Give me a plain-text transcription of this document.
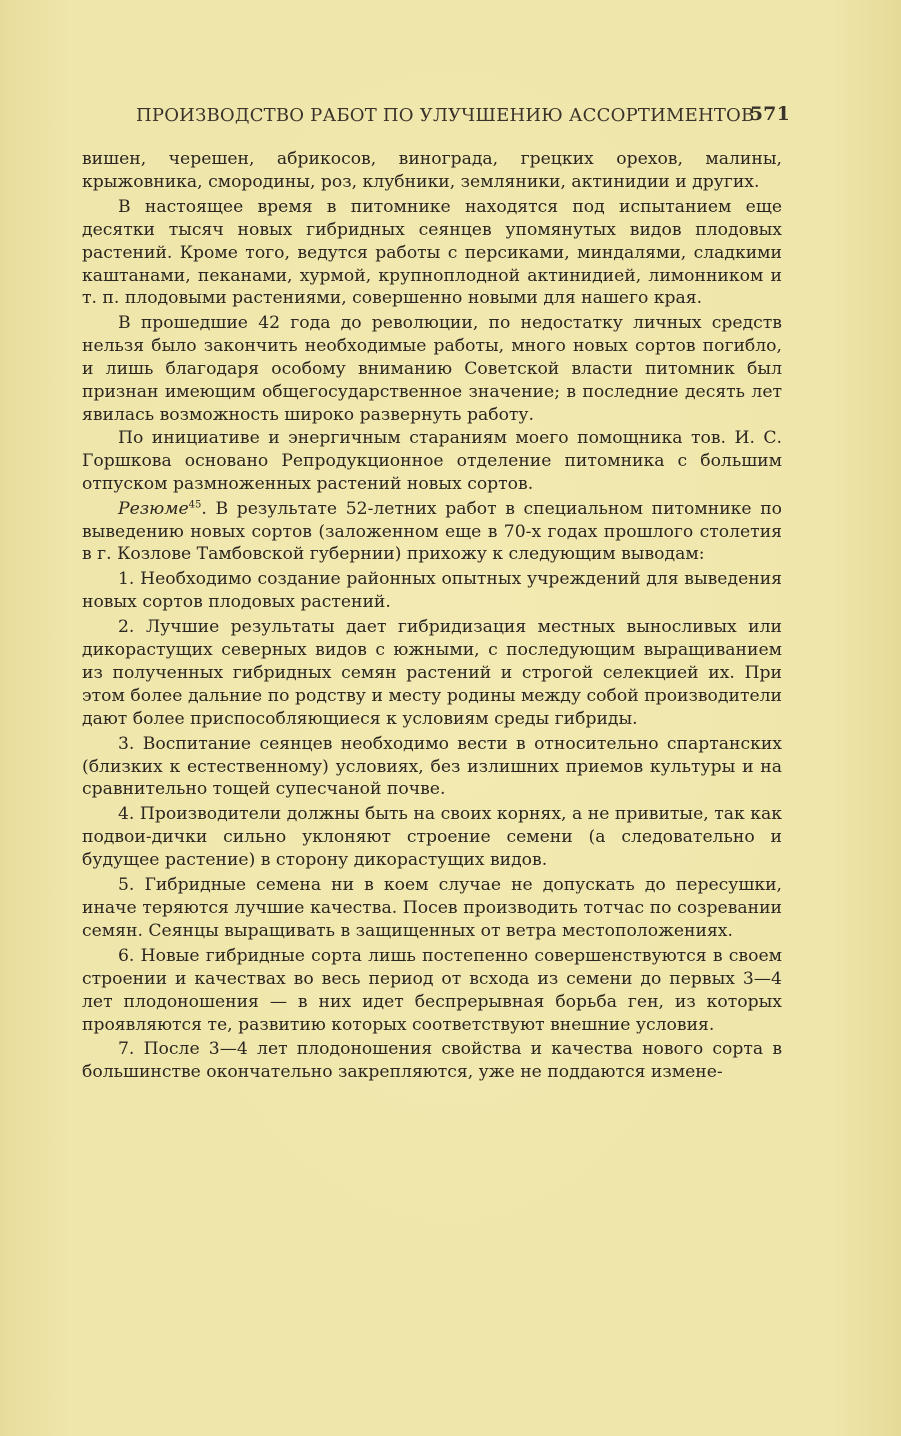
ПРОИЗВОДСТВО РАБОТ ПО УЛУЧШЕНИЮ АССОРТИМЕНТОВ
571

вишен, черешен, абрикосов, винограда, грецких орехов, малины, крыжовника, смородины, роз, клубники, земляники, актинидии и других.

В настоящее время в питомнике находятся под испытанием еще десятки тысяч новых гибридных сеянцев упомянутых видов плодовых растений. Кроме того, ведутся работы с персиками, миндалями, сладкими каштанами, пеканами, хурмой, крупноплодной актинидией, лимонником и т. п. плодовыми растениями, совершенно новыми для нашего края.

В прошедшие 42 года до революции, по недостатку личных средств нельзя было закончить необходимые работы, много новых сортов погибло, и лишь благодаря особому вниманию Советской власти питомник был признан имеющим общегосударственное значение; в последние десять лет явилась возможность широко развернуть работу.

По инициативе и энергичным стараниям моего помощника тов. И. С. Горшкова основано Репродукционное отделение питомника с большим отпуском размноженных растений новых сортов.

Резюме$^{45}$. В результате 52-летних работ в специальном питомнике по выведению новых сортов (заложенном еще в 70-х годах прошлого столетия в г. Козлове Тамбовской губернии) прихожу к следующим выводам:

1. Необходимо создание районных опытных учреждений для выведения новых сортов плодовых растений.

2. Лучшие результаты дает гибридизация местных выносливых или дикорастущих северных видов с южными, с последующим выращиванием из полученных гибридных семян растений и строгой селекцией их. При этом более дальние по родству и месту родины между собой производители дают более приспособляющиеся к условиям среды гибриды.

3. Воспитание сеянцев необходимо вести в относительно спартанских (близких к естественному) условиях, без излишних приемов культуры и на сравнительно тощей супесчаной почве.

4. Производители должны быть на своих корнях, а не привитые, так как подвои-дички сильно уклоняют строение семени (а следовательно и будущее растение) в сторону дикорастущих видов.

5. Гибридные семена ни в коем случае не допускать до пересушки, иначе теряются лучшие качества. Посев производить тотчас по созревании семян. Сеянцы выращивать в защищенных от ветра местоположениях.

6. Новые гибридные сорта лишь постепенно совершенствуются в своем строении и качествах во весь период от всхода из семени до первых 3—4 лет плодоношения — в них идет беспрерывная борьба ген, из которых проявляются те, развитию которых соответствуют внешние условия.

7. После 3—4 лет плодоношения свойства и качества нового сорта в большинстве окончательно закрепляются, уже не поддаются измене-
